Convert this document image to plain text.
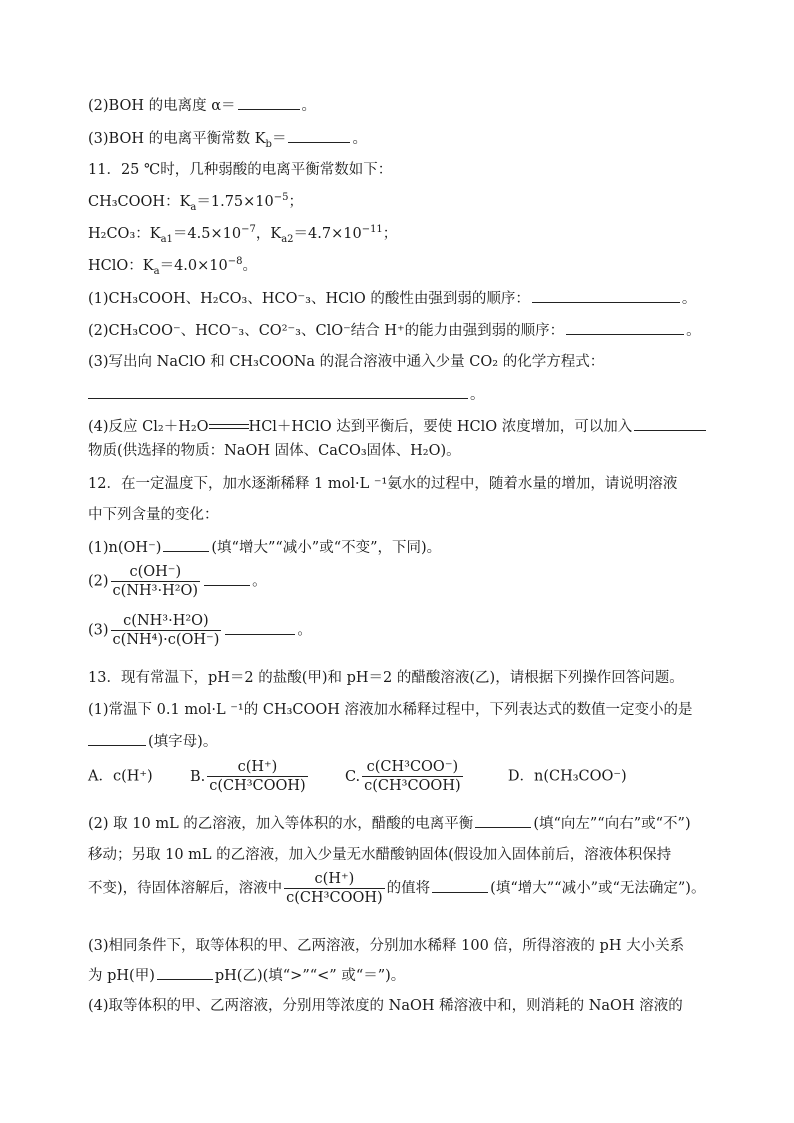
(2)BOH 的电离度 α＝	。
(3)BOH 的电离平衡常数 $K_b=$	。
11．25 ℃时，几种弱酸的电离平衡常数如下：
CH₃COOH：$K_a=1.75\times 10^{-5}$；
H₂CO₃：$K_{a1}=4.5\times 10^{-7}$，$K_{a2}=4.7\times 10^{-11}$；
HClO：$K_a=4.0\times 10^{-8}$。
(1)CH₃COOH、H₂CO₃、HCO⁻₃、HClO 的酸性由强到弱的顺序：	。
(2)CH₃COO⁻、HCO⁻₃、CO²⁻₃、ClO⁻结合 H⁺的能力由强到弱的顺序：	。
(3)写出向 NaClO 和 CH₃COONa 的混合溶液中通入少量 CO₂ 的化学方程式：
。
(4)反应 Cl₂＋H₂O	HCl＋HClO 达到平衡后，要使 HClO 浓度增加，可以加入
物质(供选择的物质：NaOH 固体、CaCO₃固体、H₂O)。
12．在一定温度下，加水逐渐稀释 1 mol·L ⁻¹氨水的过程中，随着水量的增加，请说明溶液
中下列含量的变化：
(1)n(OH⁻)	(填“增大”“减小”或“不变”，下同)。
$(2) \frac{c(OH^-)}{\text{c(NH³·H²O)}}$	。
$(3) \frac{\text{c(NH³·H²O)}}{\text{c(NH⁴)·c(OH⁻)}}$	。
13．现有常温下，pH＝2 的盐酸(甲)和 pH＝2 的醋酸溶液(乙)，请根据下列操作回答问题。
(1)常温下 0.1 mol·L ⁻¹的 CH₃COOH 溶液加水稀释过程中，下列表达式的数值一定变小的是
(填字母)。
A．c(H⁺)	B. $\frac{c(H^+)}{\text{c(CH³COOH)}}$	C. $\frac{\text{c(CH³COO⁻)}}{\text{c(CH³COOH)}}$	D．n(CH₃COO⁻)
(2) 取 10 mL 的乙溶液，加入等体积的水，醋酸的电离平衡	(填“向左”“向右”或“不”)
移动；另取 10 mL 的乙溶液，加入少量无水醋酸钠固体(假设加入固体前后，溶液体积保持
不变)，待固体溶解后，溶液中 $\frac{c(H^+)}{\text{c(CH³COOH)}}$ 的值将	(填“增大”“减小”或“无法确定”)。
(3)相同条件下，取等体积的甲、乙两溶液，分别加水稀释 100 倍，所得溶液的 pH 大小关系
为 pH(甲)	pH(乙)(填“>”“<” 或“＝”)。
(4)取等体积的甲、乙两溶液，分别用等浓度的 NaOH 稀溶液中和，则消耗的 NaOH 溶液的
